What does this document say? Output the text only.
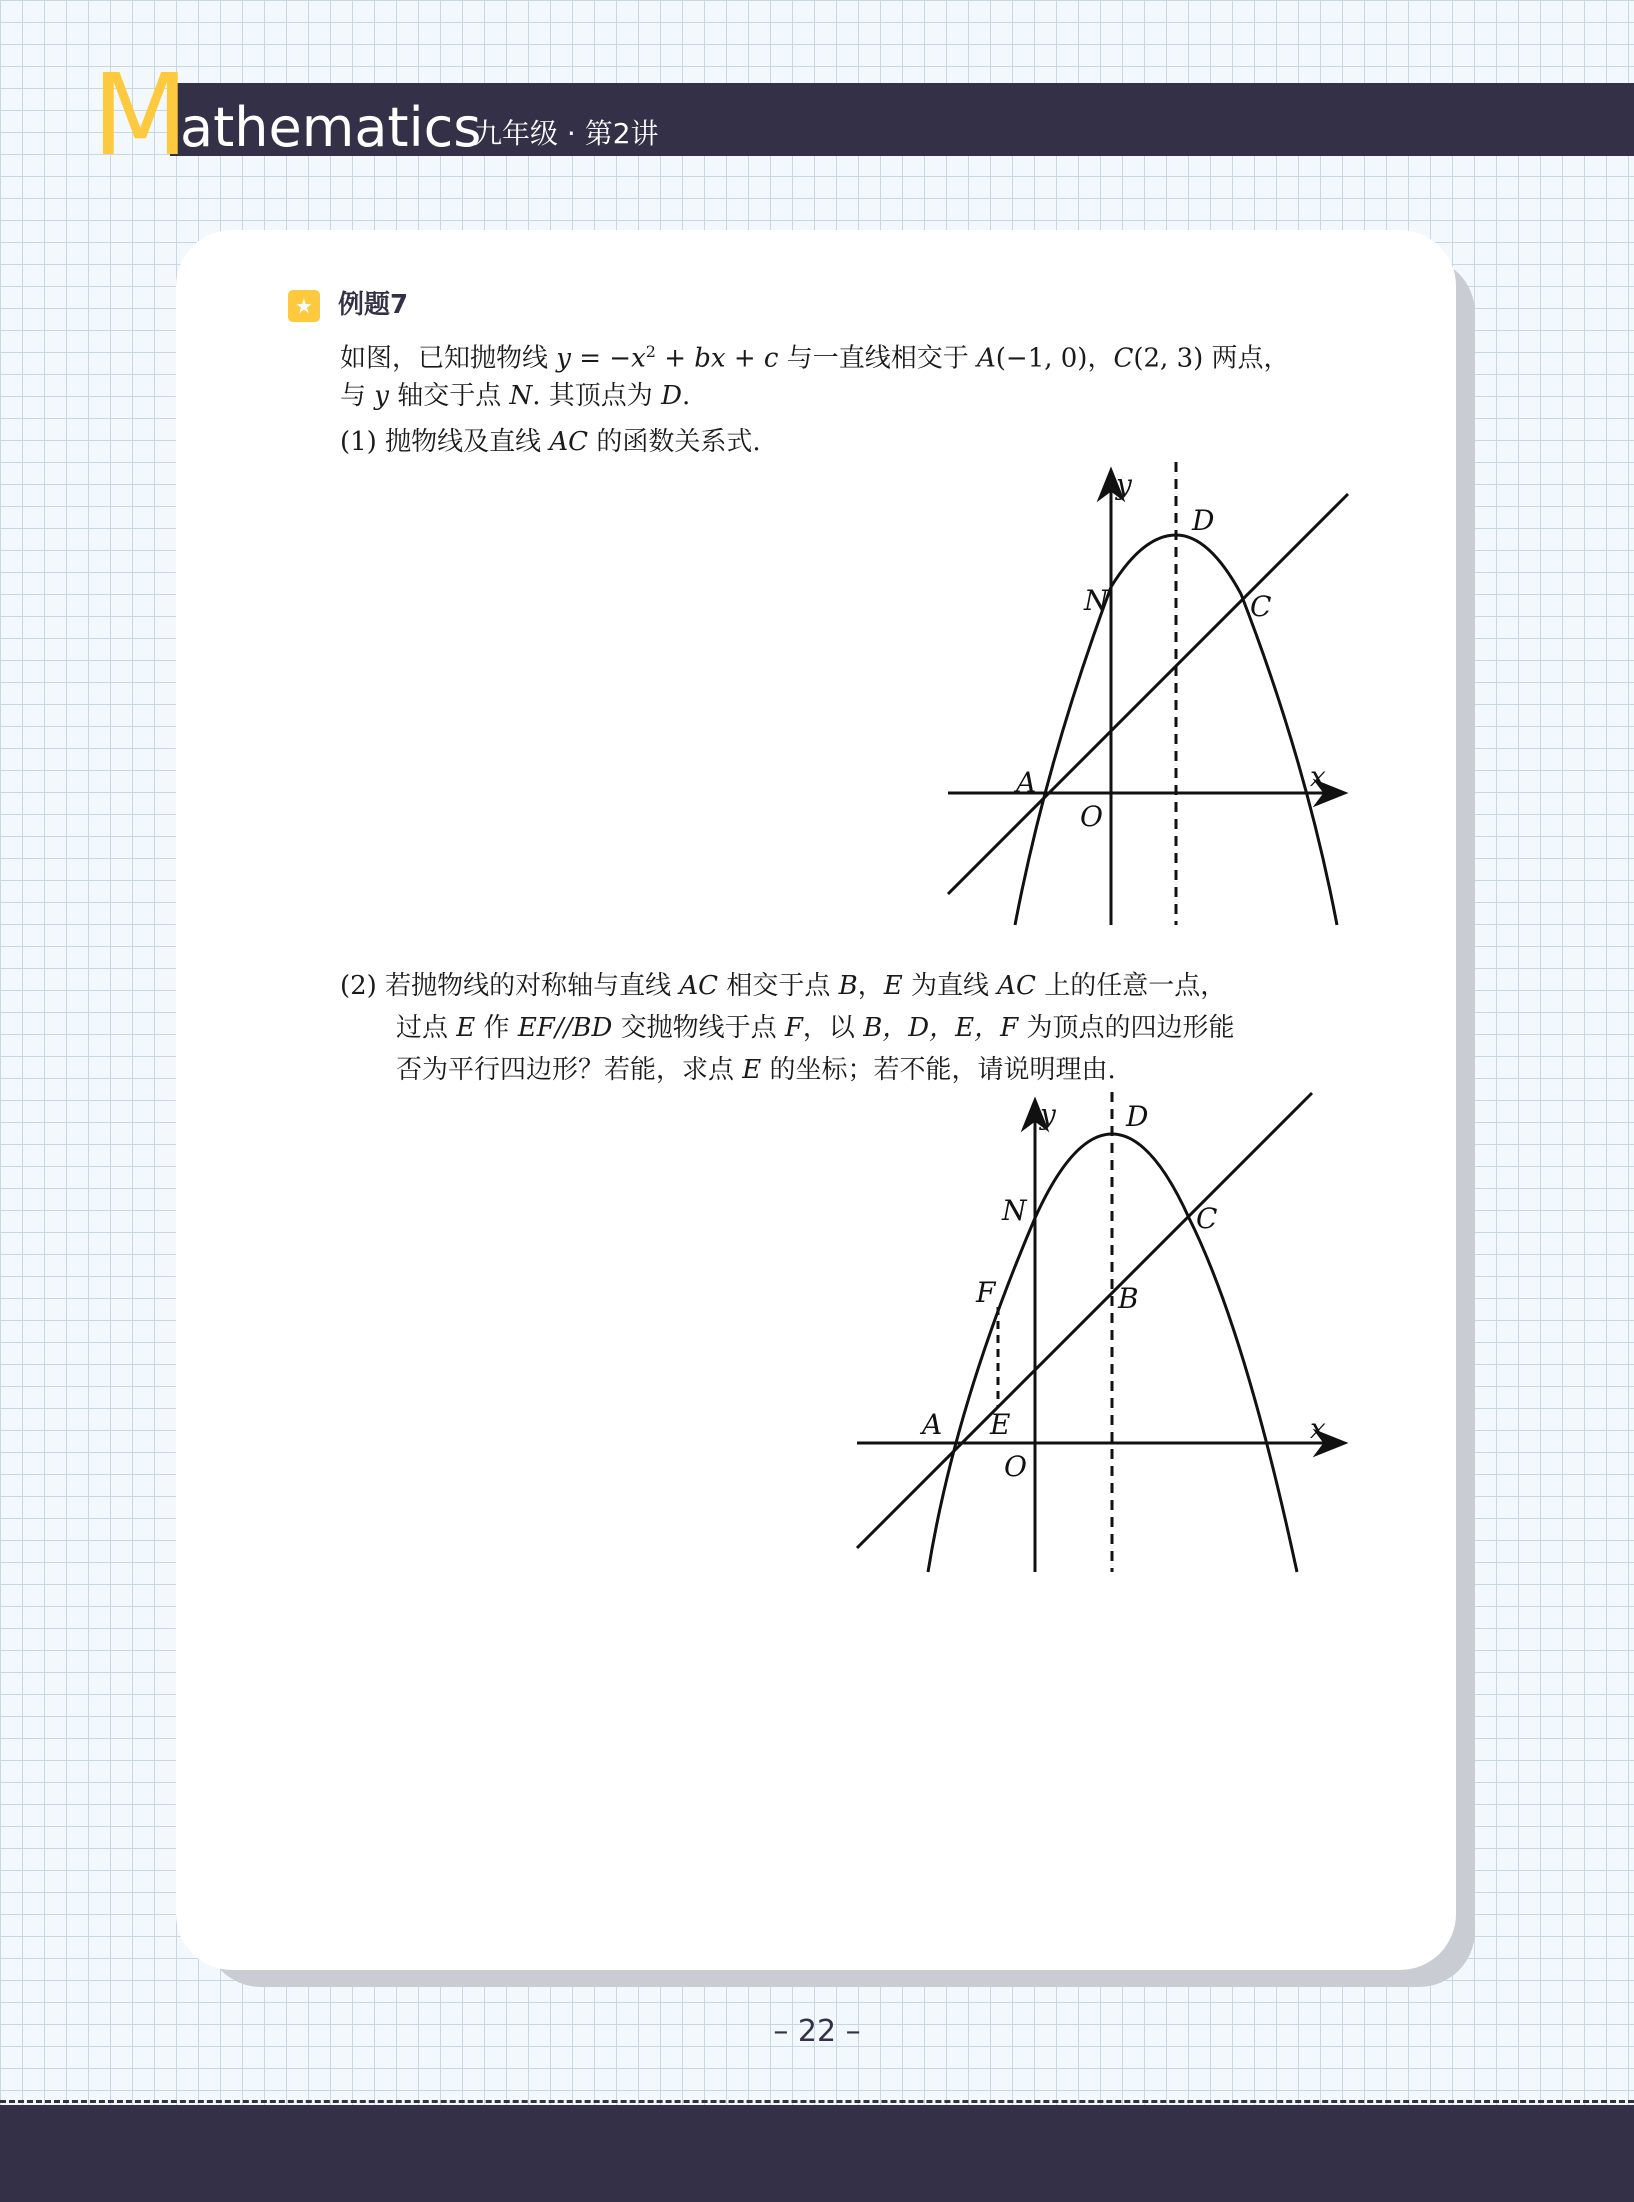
M
athematics
九年级 · 第2讲
★ 例题7
如图，已知抛物线 $y = -x^2$ + bx + c 与一直线相交于 A(−1, 0)，C(2, 3) 两点，
与 y 轴交于点 N. 其顶点为 D.
(1) 抛物线及直线 AC 的函数关系式.
y
x
D
N	C
A
O
(2) 若抛物线的对称轴与直线 AC 相交于点 B，E 为直线 AC 上的任意一点，
过点 E 作 EF//BD 交抛物线于点 F，以 B，D，E，F 为顶点的四边形能
否为平行四边形？若能，求点 E 的坐标；若不能，请说明理由.
y
x
D
N	C
B
F
E
A
O
– 22 –
